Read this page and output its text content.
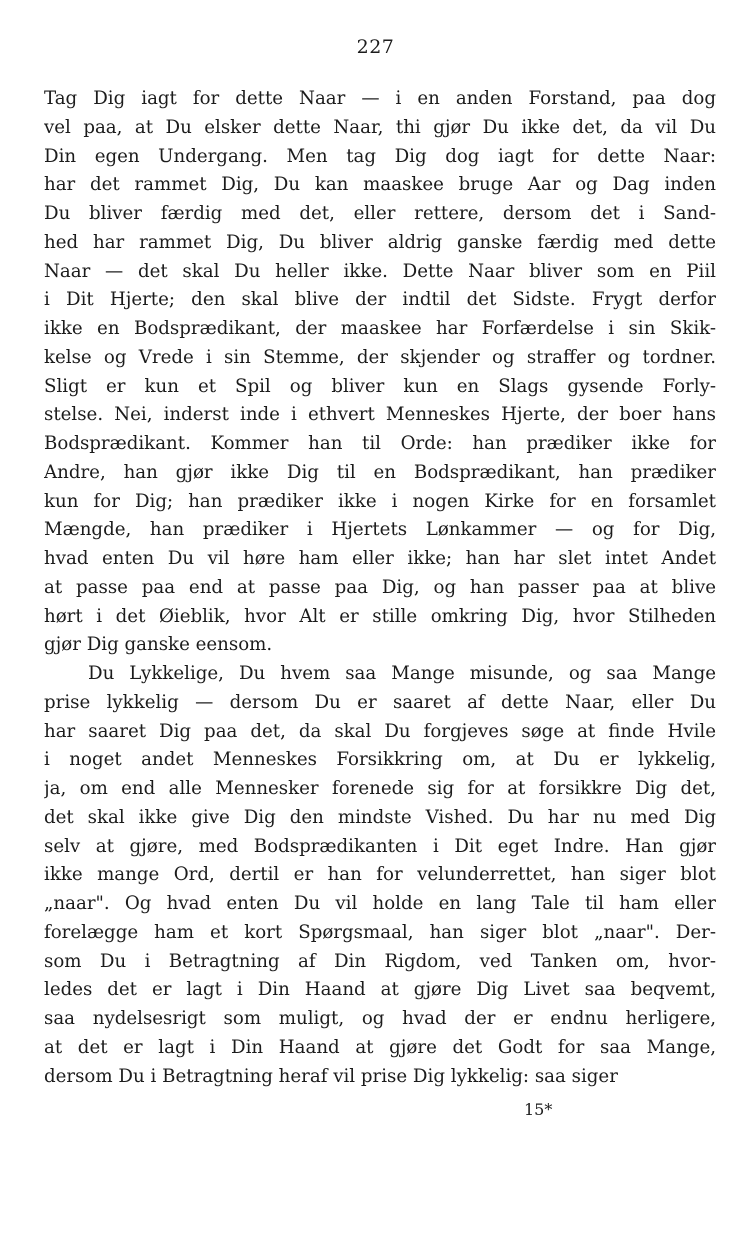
227
Tag Dig iagt for dette Naar — i en anden Forstand, paa dog
vel paa, at Du elsker dette Naar, thi gjør Du ikke det, da vil Du
Din egen Undergang. Men tag Dig dog iagt for dette Naar:
har det rammet Dig, Du kan maaskee bruge Aar og Dag inden
Du bliver færdig med det, eller rettere, dersom det i Sand-
hed har rammet Dig, Du bliver aldrig ganske færdig med dette
Naar — det skal Du heller ikke. Dette Naar bliver som en Piil
i Dit Hjerte; den skal blive der indtil det Sidste. Frygt derfor
ikke en Bodsprædikant, der maaskee har Forfærdelse i sin Skik-
kelse og Vrede i sin Stemme, der skjender og straffer og tordner.
Sligt er kun et Spil og bliver kun en Slags gysende Forly-
stelse. Nei, inderst inde i ethvert Menneskes Hjerte, der boer hans
Bodsprædikant. Kommer han til Orde: han prædiker ikke for
Andre, han gjør ikke Dig til en Bodsprædikant, han prædiker
kun for Dig; han prædiker ikke i nogen Kirke for en forsamlet
Mængde, han prædiker i Hjertets Lønkammer — og for Dig,
hvad enten Du vil høre ham eller ikke; han har slet intet Andet
at passe paa end at passe paa Dig, og han passer paa at blive
hørt i det Øieblik, hvor Alt er stille omkring Dig, hvor Stilheden
gjør Dig ganske eensom.
Du Lykkelige, Du hvem saa Mange misunde, og saa Mange
prise lykkelig — dersom Du er saaret af dette Naar, eller Du
har saaret Dig paa det, da skal Du forgjeves søge at finde Hvile
i noget andet Menneskes Forsikkring om, at Du er lykkelig,
ja, om end alle Mennesker forenede sig for at forsikkre Dig det,
det skal ikke give Dig den mindste Vished. Du har nu med Dig
selv at gjøre, med Bodsprædikanten i Dit eget Indre. Han gjør
ikke mange Ord, dertil er han for velunderrettet, han siger blot
„naar". Og hvad enten Du vil holde en lang Tale til ham eller
forelægge ham et kort Spørgsmaal, han siger blot „naar". Der-
som Du i Betragtning af Din Rigdom, ved Tanken om, hvor-
ledes det er lagt i Din Haand at gjøre Dig Livet saa beqvemt,
saa nydelsesrigt som muligt, og hvad der er endnu herligere,
at det er lagt i Din Haand at gjøre det Godt for saa Mange,
dersom Du i Betragtning heraf vil prise Dig lykkelig: saa siger
15*
